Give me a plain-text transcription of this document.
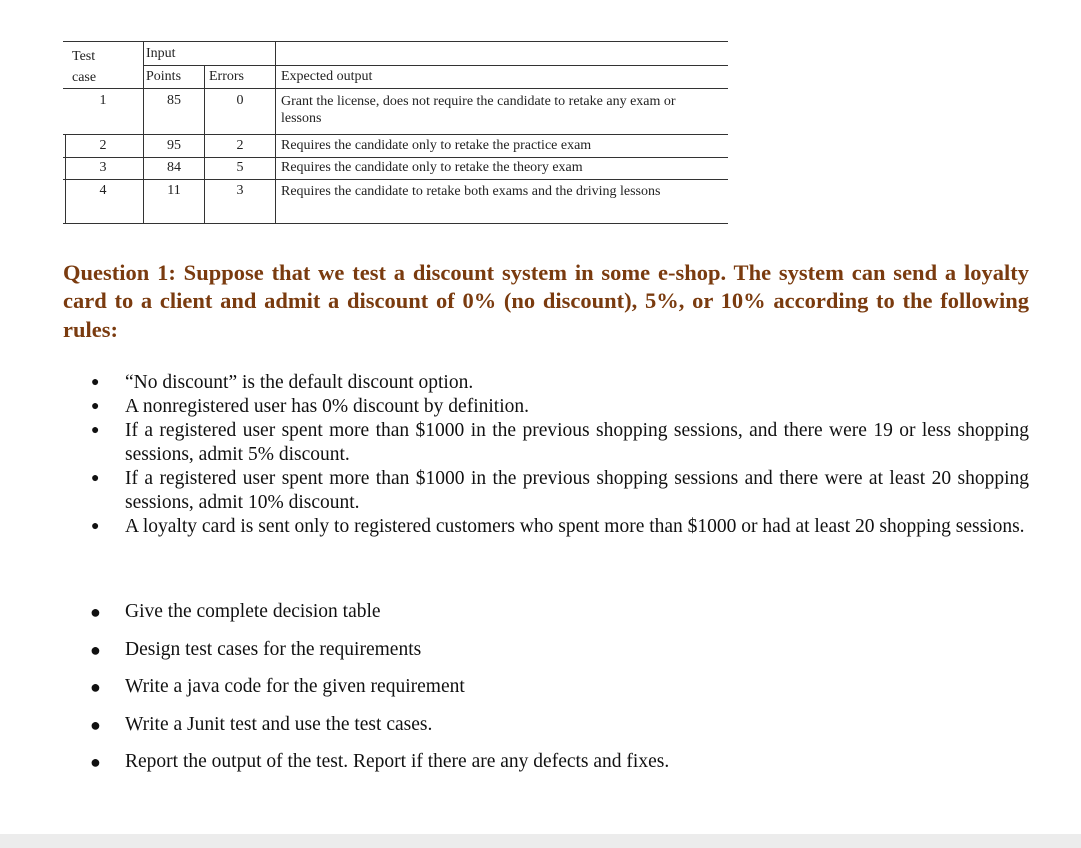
Test
case
Input
Points Errors	Expected output
1	85	0	Grant the license, does not require the candidate to retake any exam or lessons
2	95	2	Requires the candidate only to retake the practice exam
3	84	5	Requires the candidate only to retake the theory exam
4	11	3	Requires the candidate to retake both exams and the driving lessons
Question 1: Suppose that we test a discount system in some e-shop. The system can send a loyalty card to a client and admit a discount of 0% (no discount), 5%, or 10% according to the following rules:
● “No discount” is the default discount option.
● A nonregistered user has 0% discount by definition.
● If a registered user spent more than $1000 in the previous shopping sessions, and there were 19 or less shopping sessions, admit 5% discount.
● If a registered user spent more than $1000 in the previous shopping sessions and there were at least 20 shopping sessions, admit 10% discount.
● A loyalty card is sent only to registered customers who spent more than $1000 or had at least 20 shopping sessions.
● Give the complete decision table
● Design test cases for the requirements
● Write a java code for the given requirement
● Write a Junit test and use the test cases.
● Report the output of the test. Report if there are any defects and fixes.
